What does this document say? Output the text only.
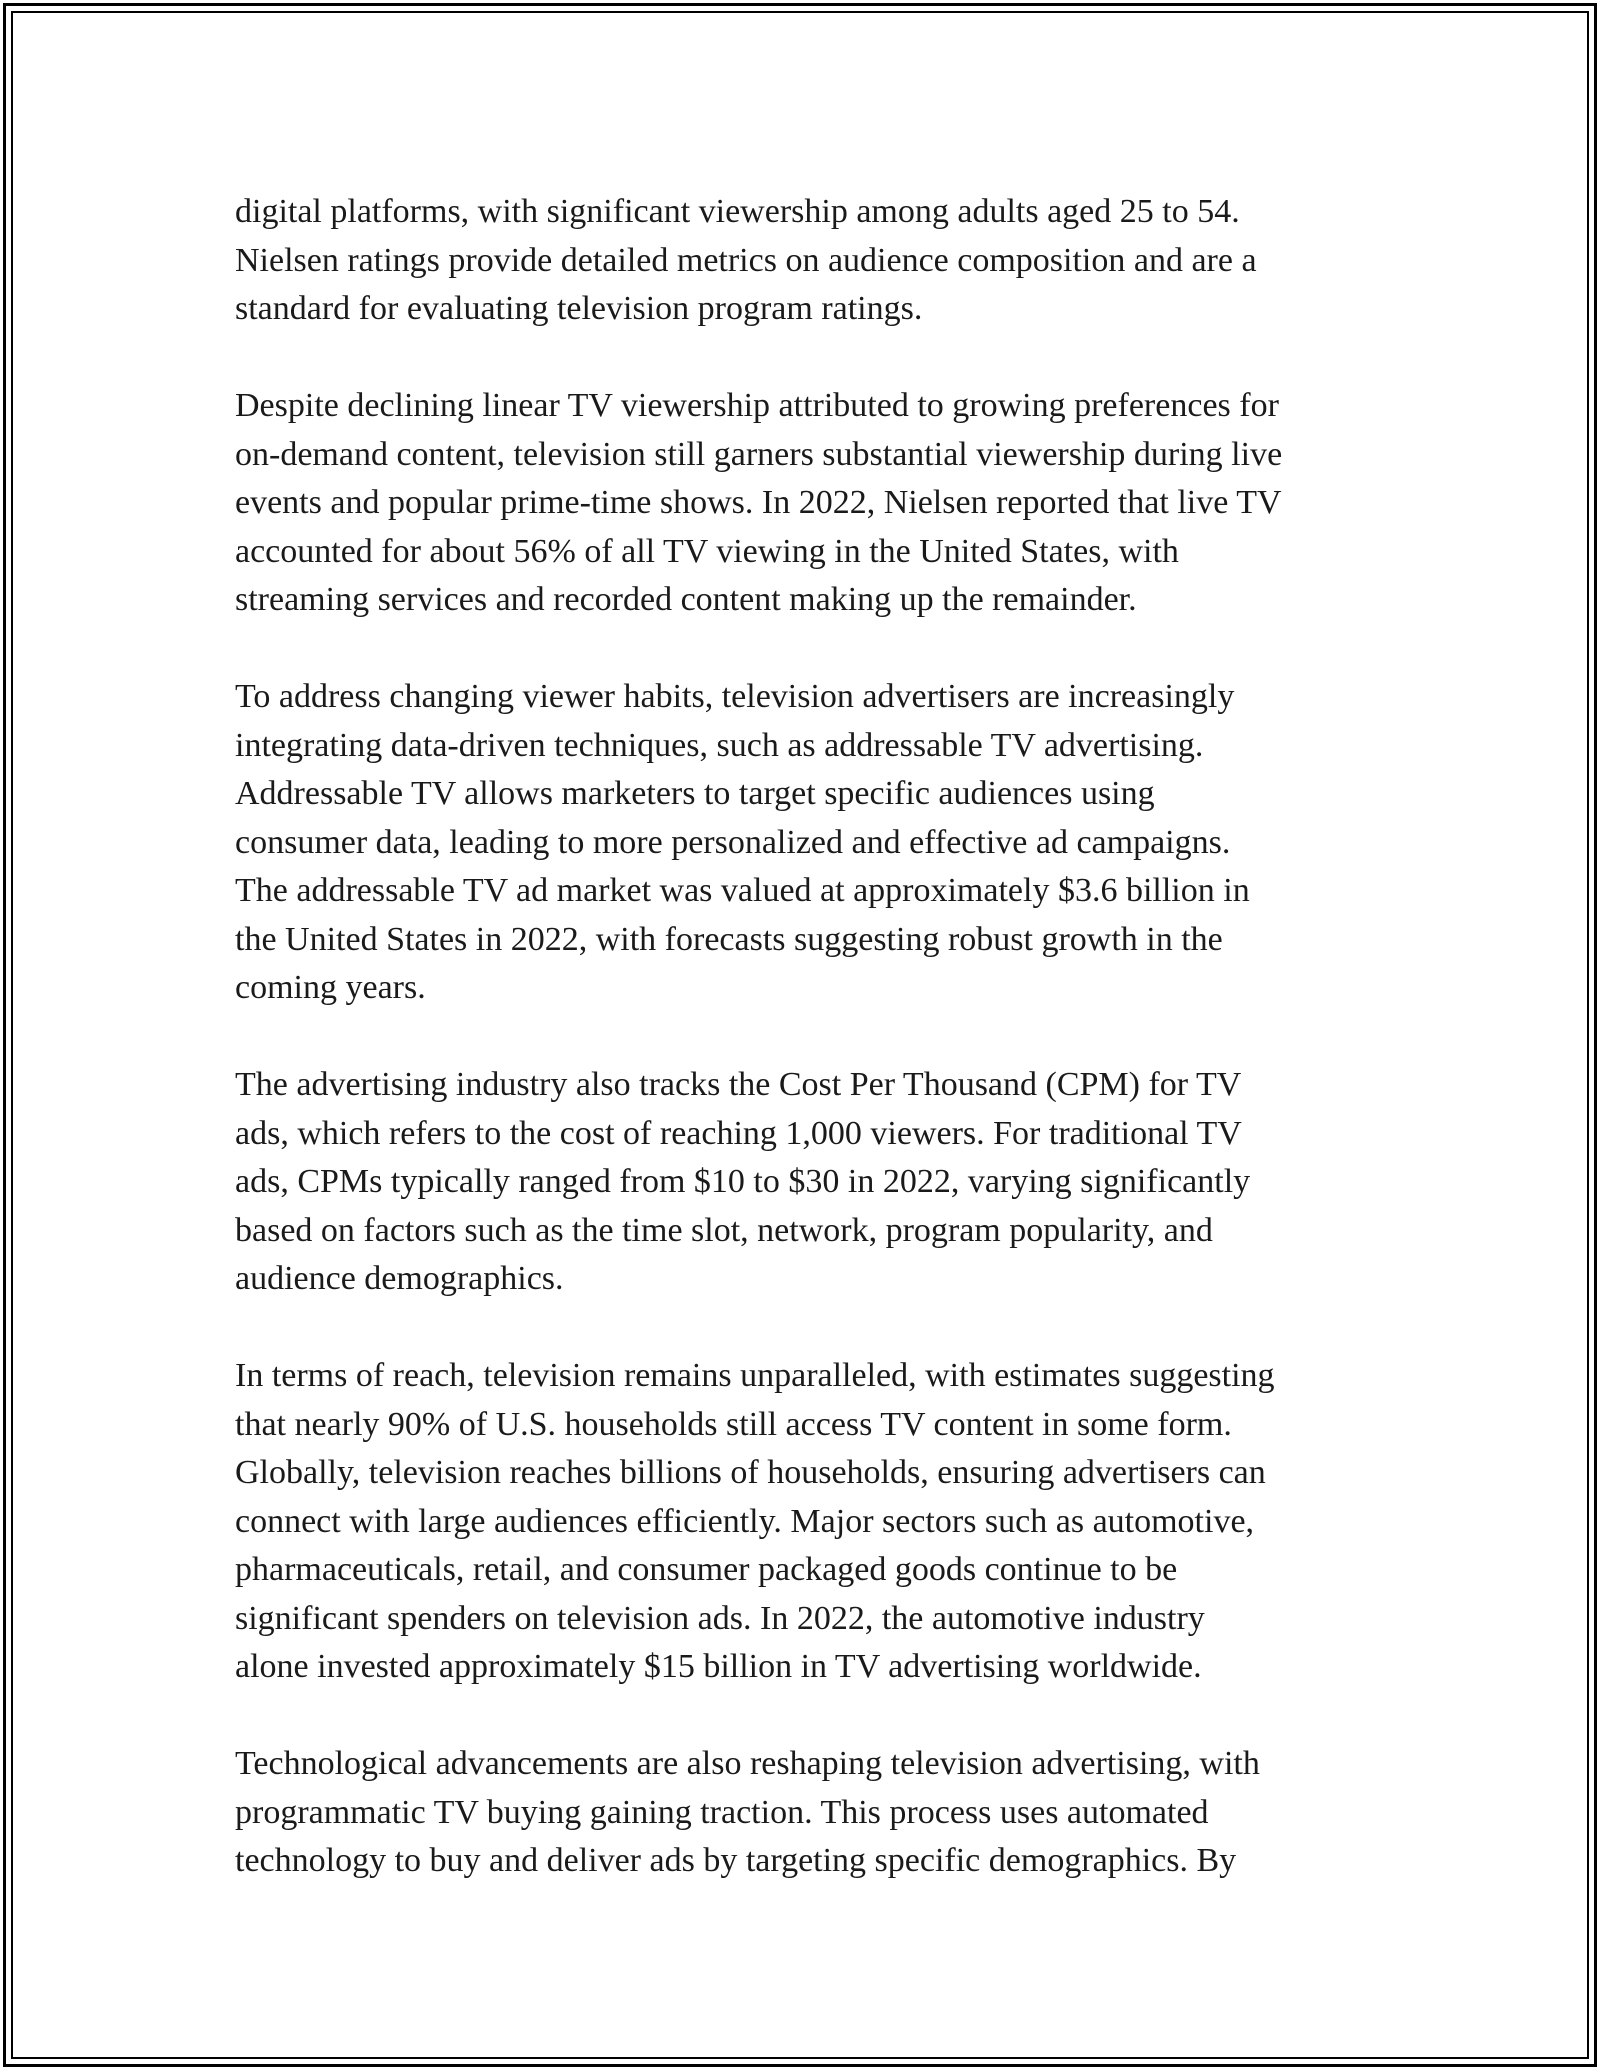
digital platforms, with significant viewership among adults aged 25 to 54.
Nielsen ratings provide detailed metrics on audience composition and are a
standard for evaluating television program ratings.

Despite declining linear TV viewership attributed to growing preferences for
on-demand content, television still garners substantial viewership during live
events and popular prime-time shows. In 2022, Nielsen reported that live TV
accounted for about 56% of all TV viewing in the United States, with
streaming services and recorded content making up the remainder.

To address changing viewer habits, television advertisers are increasingly
integrating data-driven techniques, such as addressable TV advertising.
Addressable TV allows marketers to target specific audiences using
consumer data, leading to more personalized and effective ad campaigns.
The addressable TV ad market was valued at approximately $3.6 billion in
the United States in 2022, with forecasts suggesting robust growth in the
coming years.

The advertising industry also tracks the Cost Per Thousand (CPM) for TV
ads, which refers to the cost of reaching 1,000 viewers. For traditional TV
ads, CPMs typically ranged from $10 to $30 in 2022, varying significantly
based on factors such as the time slot, network, program popularity, and
audience demographics.

In terms of reach, television remains unparalleled, with estimates suggesting
that nearly 90% of U.S. households still access TV content in some form.
Globally, television reaches billions of households, ensuring advertisers can
connect with large audiences efficiently. Major sectors such as automotive,
pharmaceuticals, retail, and consumer packaged goods continue to be
significant spenders on television ads. In 2022, the automotive industry
alone invested approximately $15 billion in TV advertising worldwide.

Technological advancements are also reshaping television advertising, with
programmatic TV buying gaining traction. This process uses automated
technology to buy and deliver ads by targeting specific demographics. By
